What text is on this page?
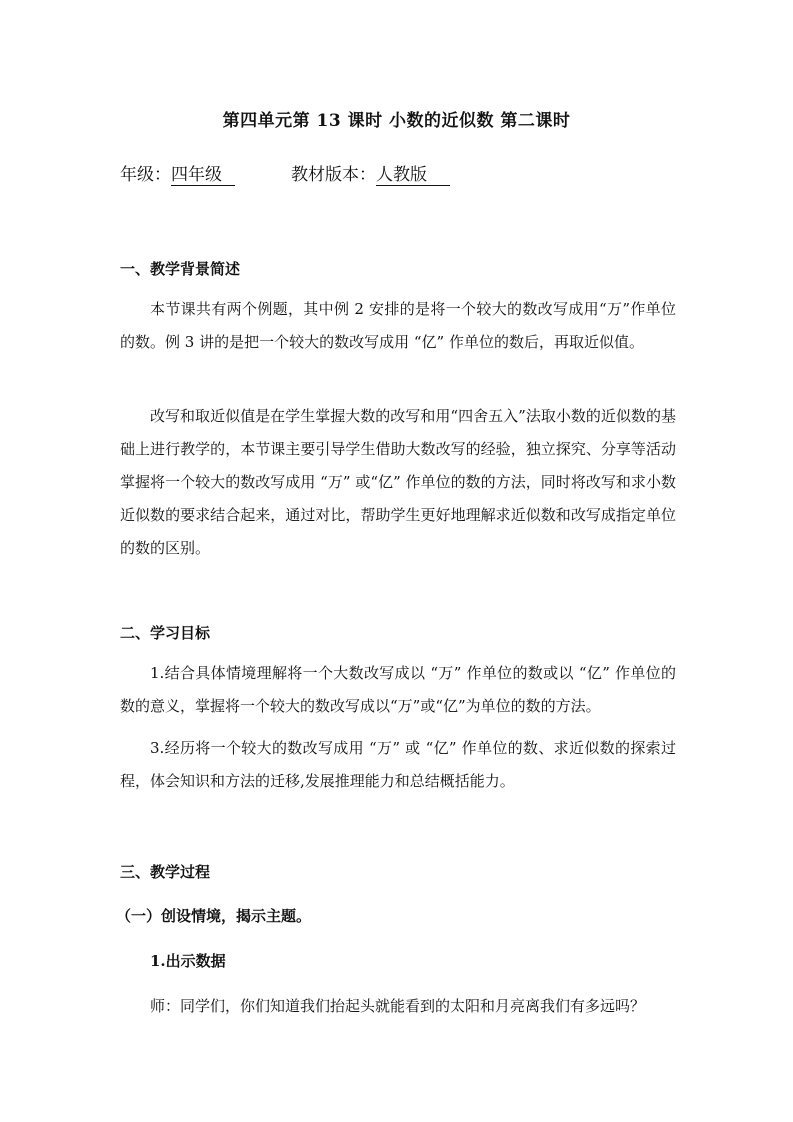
第四单元第 13 课时 小数的近似数 第二课时
年级：四年级	教材版本：人教版
一、教学背景简述
本节课共有两个例题，其中例 2 安排的是将一个较大的数改写成用“万”作单位的数。例 3 讲的是把一个较大的数改写成用 “亿” 作单位的数后，再取近似值。
改写和取近似值是在学生掌握大数的改写和用“四舍五入”法取小数的近似数的基础上进行教学的，本节课主要引导学生借助大数改写的经验，独立探究、分享等活动掌握将一个较大的数改写成用 “万” 或“亿” 作单位的数的方法，同时将改写和求小数近似数的要求结合起来，通过对比，帮助学生更好地理解求近似数和改写成指定单位的数的区别。
二、学习目标
1.结合具体情境理解将一个大数改写成以 “万” 作单位的数或以 “亿” 作单位的数的意义，掌握将一个较大的数改写成以“万”或“亿”为单位的数的方法。
3.经历将一个较大的数改写成用 “万” 或 “亿” 作单位的数、求近似数的探索过程，体会知识和方法的迁移,发展推理能力和总结概括能力。
三、教学过程
（一）创设情境，揭示主题。
1.出示数据
师：同学们，你们知道我们抬起头就能看到的太阳和月亮离我们有多远吗？
